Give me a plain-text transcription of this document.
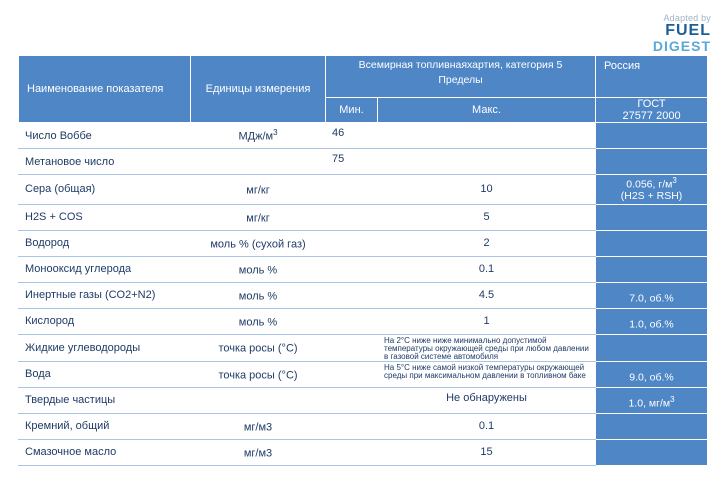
Adapted by
FUEL
DIGEST
Наименование показателя	Единицы измерения	Всемирная топливнаяхартия, категория 5
Пределы		Россия
		Мин.	Макс.	ГОСТ
27577 2000

Число Воббе	МДж/$м^3$	46		

Метановое число		75		

Сера (общая)	мг/кг		10	0.056, $г/м^3$
(H2S + RSH)

H2S + COS	мг/кг		5	

Водород	моль % (сухой газ)		2	

Монооксид углерода	моль %		0.1	

Инертные газы (CO2+N2)	моль %		4.5	7.0, об.%

Кислород	моль %		1	1.0, об.%

Жидкие углеводороды	точка росы (°C)		На 2°C ниже ниже минимально допустимой температуры окружающей среды при любом давлении в газовой системе автомобиля	

Вода	точка росы (°C)		На 5°C ниже самой низкой температуры окружающей среды при максимальном давлении в топливном баке	9.0, об.%

Твердые частицы			Не обнаружены	1.0, $мг/м^3$

Кремний, общий	мг/м3		0.1	

Смазочное масло	мг/м3		15	
